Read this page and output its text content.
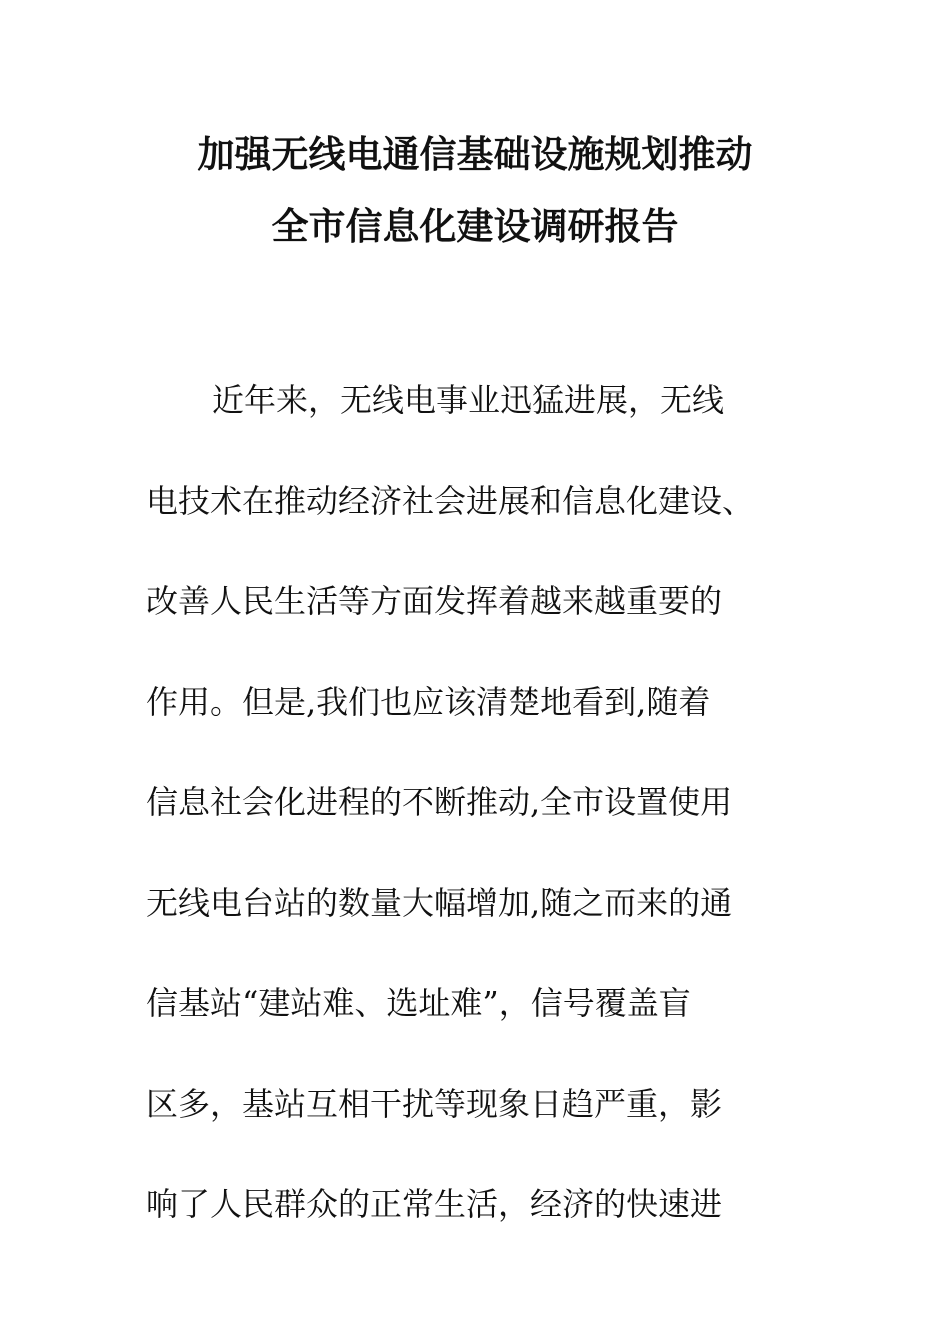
加强无线电通信基础设施规划推动
全市信息化建设调研报告
近年来，无线电事业迅猛进展，无线
电技术在推动经济社会进展和信息化建设、
改善人民生活等方面发挥着越来越重要的
作用。但是,我们也应该清楚地看到,随着
信息社会化进程的不断推动,全市设置使用
无线电台站的数量大幅增加,随之而来的通
信基站“建站难、选址难”，信号覆盖盲
区多，基站互相干扰等现象日趋严重，影
响了人民群众的正常生活，经济的快速进
